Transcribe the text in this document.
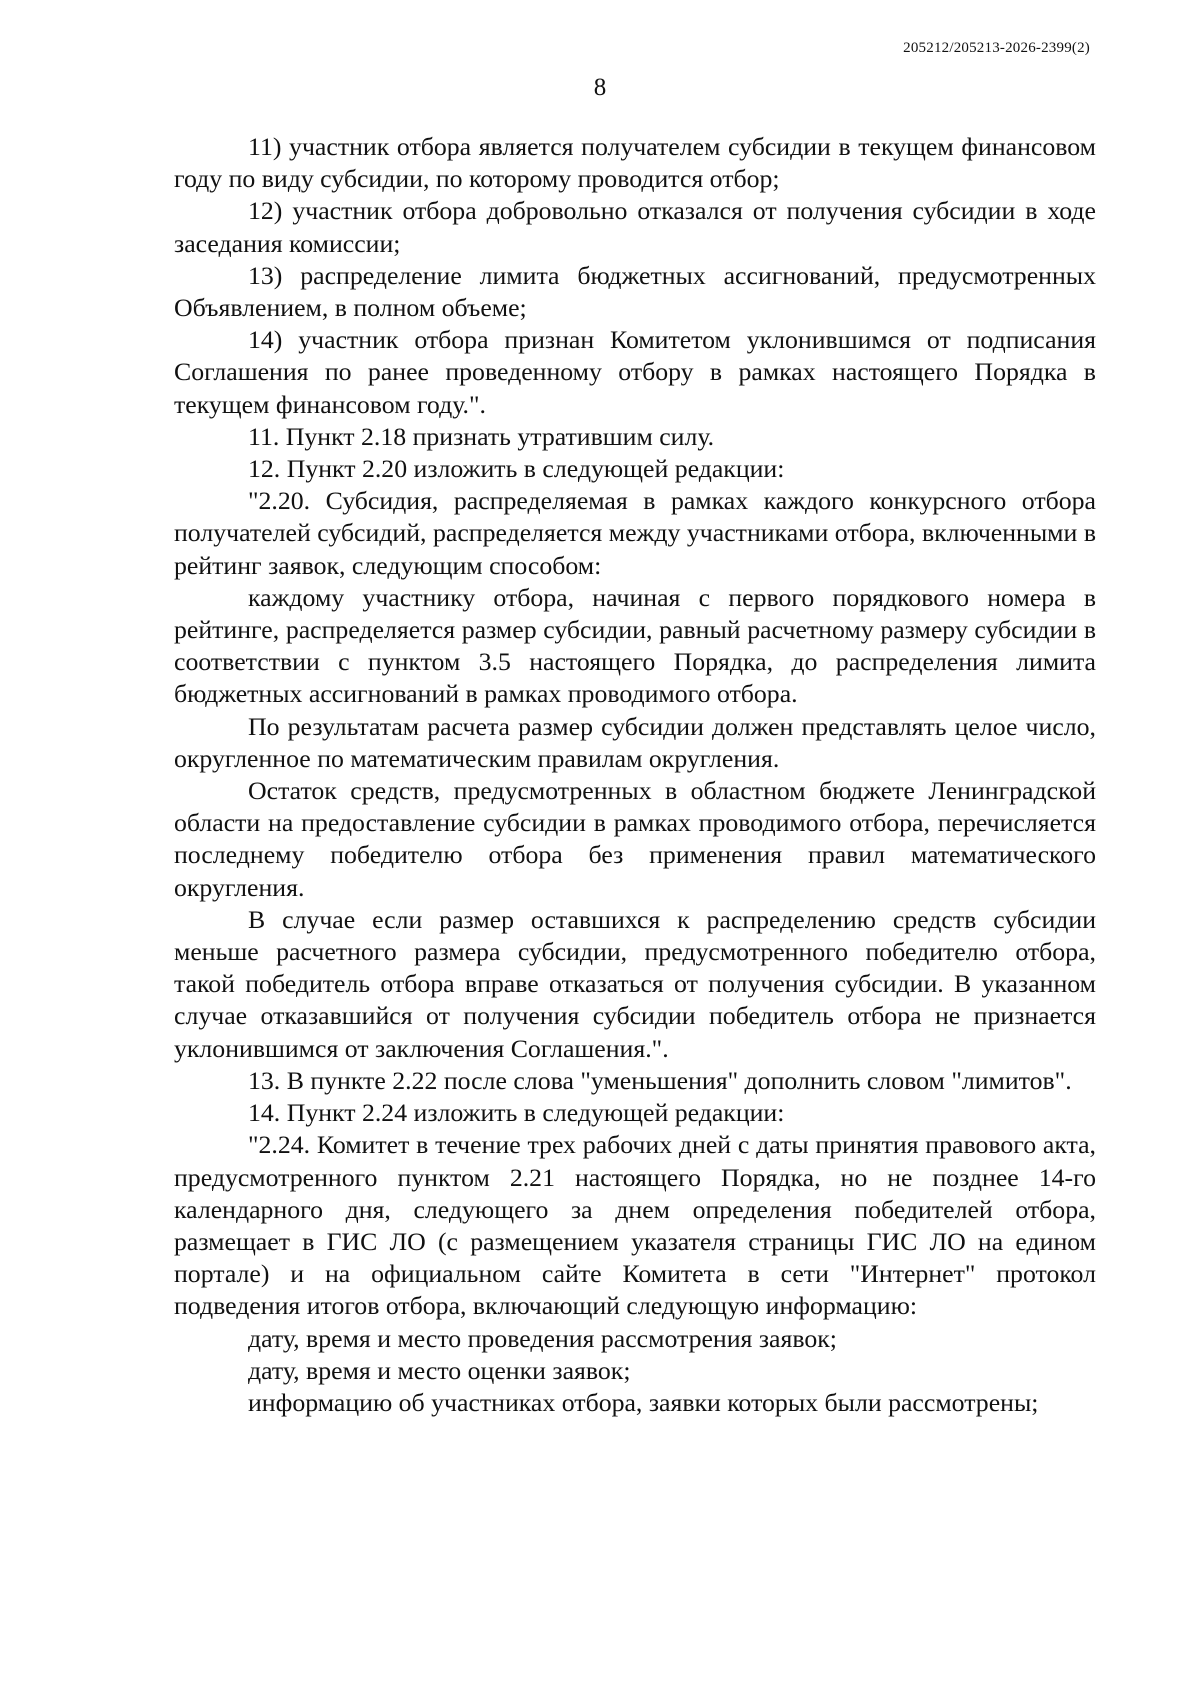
205212/205213-2026-2399(2)
8

11) участник отбора является получателем субсидии в текущем финансовом году по виду субсидии, по которому проводится отбор;

12) участник отбора добровольно отказался от получения субсидии в ходе заседания комиссии;

13) распределение лимита бюджетных ассигнований, предусмотренных Объявлением, в полном объеме;

14) участник отбора признан Комитетом уклонившимся от подписания Соглашения по ранее проведенному отбору в рамках настоящего Порядка в текущем финансовом году.".

11. Пункт 2.18 признать утратившим силу.

12. Пункт 2.20 изложить в следующей редакции:

"2.20. Субсидия, распределяемая в рамках каждого конкурсного отбора получателей субсидий, распределяется между участниками отбора, включенными в рейтинг заявок, следующим способом:

каждому участнику отбора, начиная с первого порядкового номера в рейтинге, распределяется размер субсидии, равный расчетному размеру субсидии в соответствии с пунктом 3.5 настоящего Порядка, до распределения лимита бюджетных ассигнований в рамках проводимого отбора.

По результатам расчета размер субсидии должен представлять целое число, округленное по математическим правилам округления.

Остаток средств, предусмотренных в областном бюджете Ленинградской области на предоставление субсидии в рамках проводимого отбора, перечисляется последнему победителю отбора без применения правил математического округления.

В случае если размер оставшихся к распределению средств субсидии меньше расчетного размера субсидии, предусмотренного победителю отбора, такой победитель отбора вправе отказаться от получения субсидии. В указанном случае отказавшийся от получения субсидии победитель отбора не признается уклонившимся от заключения Соглашения.".

13. В пункте 2.22 после слова "уменьшения" дополнить словом "лимитов".

14. Пункт 2.24 изложить в следующей редакции:

"2.24. Комитет в течение трех рабочих дней с даты принятия правового акта, предусмотренного пунктом 2.21 настоящего Порядка, но не позднее 14-го календарного дня, следующего за днем определения победителей отбора, размещает в ГИС ЛО (с размещением указателя страницы ГИС ЛО на едином портале) и на официальном сайте Комитета в сети "Интернет" протокол подведения итогов отбора, включающий следующую информацию:

дату, время и место проведения рассмотрения заявок;

дату, время и место оценки заявок;

информацию об участниках отбора, заявки которых были рассмотрены;
